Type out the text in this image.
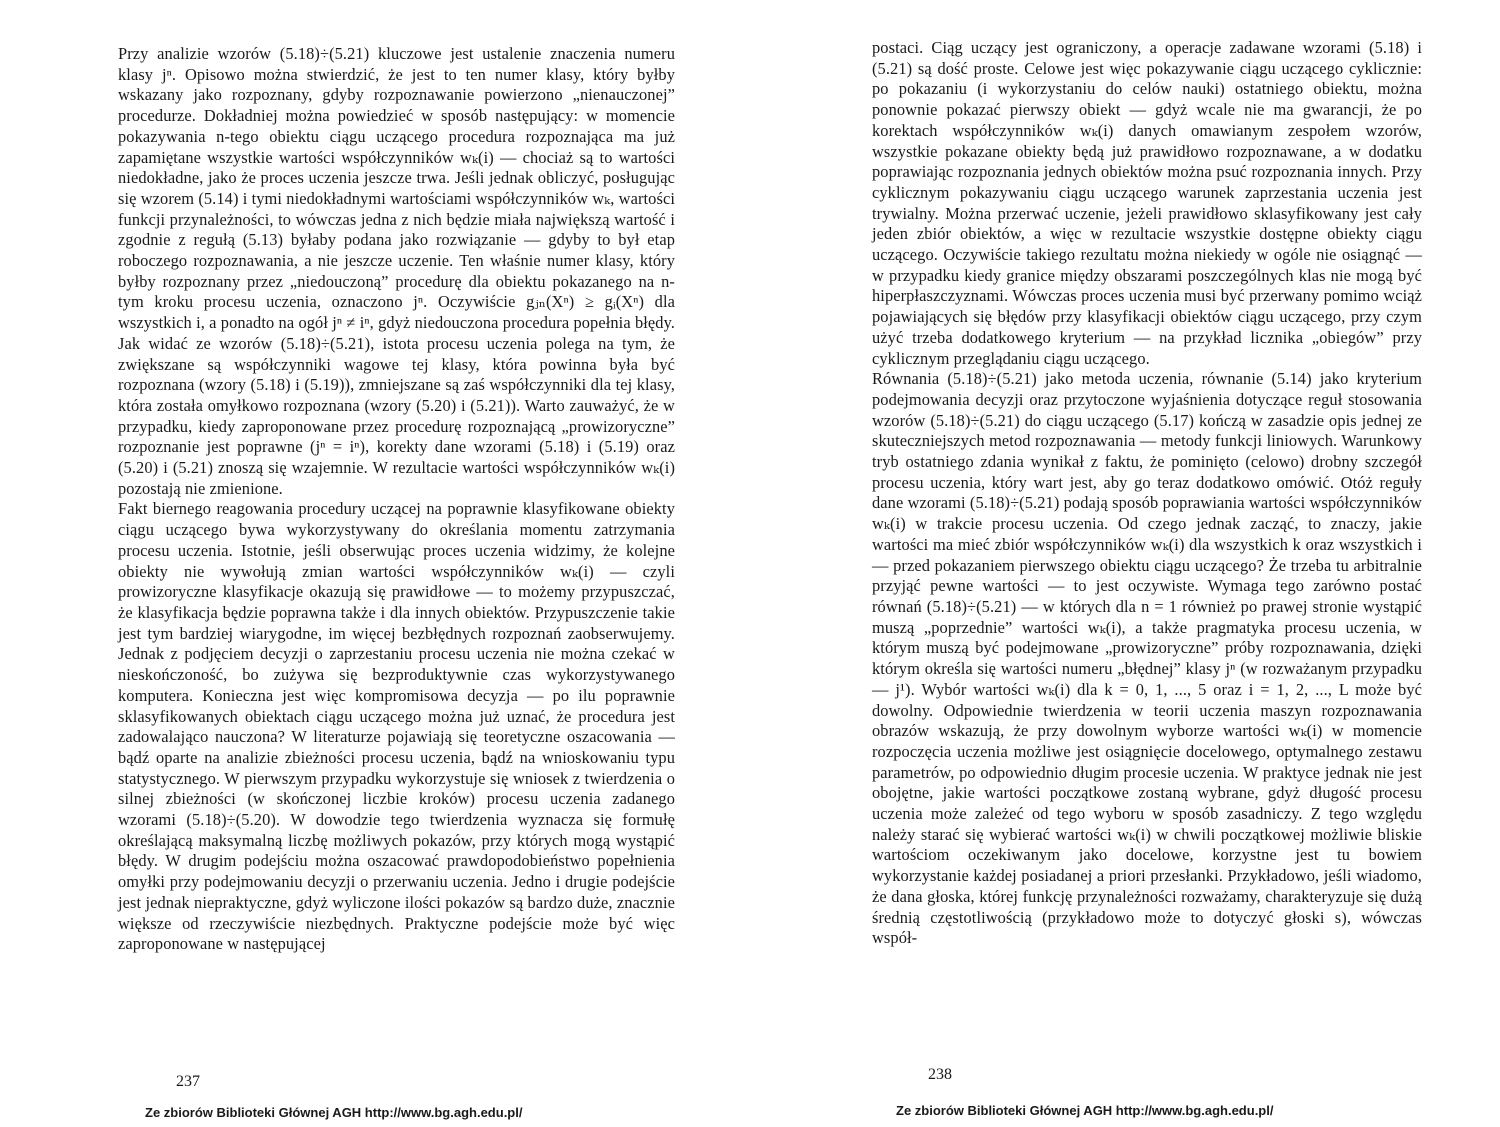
Przy analizie wzorów (5.18)÷(5.21) kluczowe jest ustalenie znaczenia numeru klasy jⁿ. Opisowo można stwierdzić, że jest to ten numer klasy, który byłby wskazany jako rozpoznany, gdyby rozpoznawanie powierzono „nienauczonej” procedurze. Dokładniej można powiedzieć w sposób następujący: w momencie pokazywania n-tego obiektu ciągu uczącego procedura rozpoznająca ma już zapamiętane wszystkie wartości współczynników wₖ(i) — chociaż są to wartości niedokładne, jako że proces uczenia jeszcze trwa. Jeśli jednak obliczyć, posługując się wzorem (5.14) i tymi niedokładnymi wartościami współczynników wₖ, wartości funkcji przynależności, to wówczas jedna z nich będzie miała największą wartość i zgodnie z regułą (5.13) byłaby podana jako rozwiązanie — gdyby to był etap roboczego rozpoznawania, a nie jeszcze uczenie. Ten właśnie numer klasy, który byłby rozpoznany przez „niedouczoną” procedurę dla obiektu pokazanego na n-tym kroku procesu uczenia, oznaczono jⁿ. Oczywiście gⱼₙ(Xⁿ) ≥ gᵢ(Xⁿ) dla wszystkich i, a ponadto na ogół jⁿ ≠ iⁿ, gdyż niedouczona procedura popełnia błędy. Jak widać ze wzorów (5.18)÷(5.21), istota procesu uczenia polega na tym, że zwiększane są współczynniki wagowe tej klasy, która powinna była być rozpoznana (wzory (5.18) i (5.19)), zmniejszane są zaś współczynniki dla tej klasy, która została omyłkowo rozpoznana (wzory (5.20) i (5.21)). Warto zauważyć, że w przypadku, kiedy zaproponowane przez procedurę rozpoznającą „prowizoryczne” rozpoznanie jest poprawne (jⁿ = iⁿ), korekty dane wzorami (5.18) i (5.19) oraz (5.20) i (5.21) znoszą się wzajemnie. W rezultacie wartości współczynników wₖ(i) pozostają nie zmienione.

Fakt biernego reagowania procedury uczącej na poprawnie klasyfikowane obiekty ciągu uczącego bywa wykorzystywany do określania momentu zatrzymania procesu uczenia. Istotnie, jeśli obserwując proces uczenia widzimy, że kolejne obiekty nie wywołują zmian wartości współczynników wₖ(i) — czyli prowizoryczne klasyfikacje okazują się prawidłowe — to możemy przypuszczać, że klasyfikacja będzie poprawna także i dla innych obiektów. Przypuszczenie takie jest tym bardziej wiarygodne, im więcej bezbłędnych rozpoznań zaobserwujemy. Jednak z podjęciem decyzji o zaprzestaniu procesu uczenia nie można czekać w nieskończoność, bo zużywa się bezproduktywnie czas wykorzystywanego komputera. Konieczna jest więc kompromisowa decyzja — po ilu poprawnie sklasyfikowanych obiektach ciągu uczącego można już uznać, że procedura jest zadowalająco nauczona? W literaturze pojawiają się teoretyczne oszacowania — bądź oparte na analizie zbieżności procesu uczenia, bądź na wnioskowaniu typu statystycznego. W pierwszym przypadku wykorzystuje się wniosek z twierdzenia o silnej zbieżności (w skończonej liczbie kroków) procesu uczenia zadanego wzorami (5.18)÷(5.20). W dowodzie tego twierdzenia wyznacza się formułę określającą maksymalną liczbę możliwych pokazów, przy których mogą wystąpić błędy. W drugim podejściu można oszacować prawdopodobieństwo popełnienia omyłki przy podejmowaniu decyzji o przerwaniu uczenia. Jedno i drugie podejście jest jednak niepraktyczne, gdyż wyliczone ilości pokazów są bardzo duże, znacznie większe od rzeczywiście niezbędnych. Praktyczne podejście może być więc zaproponowane w następującej

237

Ze zbiorów Biblioteki Głównej AGH http://www.bg.agh.edu.pl/

postaci. Ciąg uczący jest ograniczony, a operacje zadawane wzorami (5.18) i (5.21) są dość proste. Celowe jest więc pokazywanie ciągu uczącego cyklicznie: po pokazaniu (i wykorzystaniu do celów nauki) ostatniego obiektu, można ponownie pokazać pierwszy obiekt — gdyż wcale nie ma gwarancji, że po korektach współczynników wₖ(i) danych omawianym zespołem wzorów, wszystkie pokazane obiekty będą już prawidłowo rozpoznawane, a w dodatku poprawiając rozpoznania jednych obiektów można psuć rozpoznania innych. Przy cyklicznym pokazywaniu ciągu uczącego warunek zaprzestania uczenia jest trywialny. Można przerwać uczenie, jeżeli prawidłowo sklasyfikowany jest cały jeden zbiór obiektów, a więc w rezultacie wszystkie dostępne obiekty ciągu uczącego. Oczywiście takiego rezultatu można niekiedy w ogóle nie osiągnąć — w przypadku kiedy granice między obszarami poszczególnych klas nie mogą być hiperpłaszczyznami. Wówczas proces uczenia musi być przerwany pomimo wciąż pojawiających się błędów przy klasyfikacji obiektów ciągu uczącego, przy czym użyć trzeba dodatkowego kryterium — na przykład licznika „obiegów” przy cyklicznym przeglądaniu ciągu uczącego.

Równania (5.18)÷(5.21) jako metoda uczenia, równanie (5.14) jako kryterium podejmowania decyzji oraz przytoczone wyjaśnienia dotyczące reguł stosowania wzorów (5.18)÷(5.21) do ciągu uczącego (5.17) kończą w zasadzie opis jednej ze skuteczniejszych metod rozpoznawania — metody funkcji liniowych. Warunkowy tryb ostatniego zdania wynikał z faktu, że pominięto (celowo) drobny szczegół procesu uczenia, który wart jest, aby go teraz dodatkowo omówić. Otóż reguły dane wzorami (5.18)÷(5.21) podają sposób poprawiania wartości współczynników wₖ(i) w trakcie procesu uczenia. Od czego jednak zacząć, to znaczy, jakie wartości ma mieć zbiór współczynników wₖ(i) dla wszystkich k oraz wszystkich i — przed pokazaniem pierwszego obiektu ciągu uczącego? Że trzeba tu arbitralnie przyjąć pewne wartości — to jest oczywiste. Wymaga tego zarówno postać równań (5.18)÷(5.21) — w których dla n = 1 również po prawej stronie wystąpić muszą „poprzednie” wartości wₖ(i), a także pragmatyka procesu uczenia, w którym muszą być podejmowane „prowizoryczne” próby rozpoznawania, dzięki którym określa się wartości numeru „błędnej” klasy jⁿ (w rozważanym przypadku — j¹). Wybór wartości wₖ(i) dla k = 0, 1, ..., 5 oraz i = 1, 2, ..., L może być dowolny. Odpowiednie twierdzenia w teorii uczenia maszyn rozpoznawania obrazów wskazują, że przy dowolnym wyborze wartości wₖ(i) w momencie rozpoczęcia uczenia możliwe jest osiągnięcie docelowego, optymalnego zestawu parametrów, po odpowiednio długim procesie uczenia. W praktyce jednak nie jest obojętne, jakie wartości początkowe zostaną wybrane, gdyż długość procesu uczenia może zależeć od tego wyboru w sposób zasadniczy. Z tego względu należy starać się wybierać wartości wₖ(i) w chwili początkowej możliwie bliskie wartościom oczekiwanym jako docelowe, korzystne jest tu bowiem wykorzystanie każdej posiadanej a priori przesłanki. Przykładowo, jeśli wiadomo, że dana głoska, której funkcję przynależności rozważamy, charakteryzuje się dużą średnią częstotliwością (przykładowo może to dotyczyć głoski s), wówczas współ-

238

Ze zbiorów Biblioteki Głównej AGH http://www.bg.agh.edu.pl/
